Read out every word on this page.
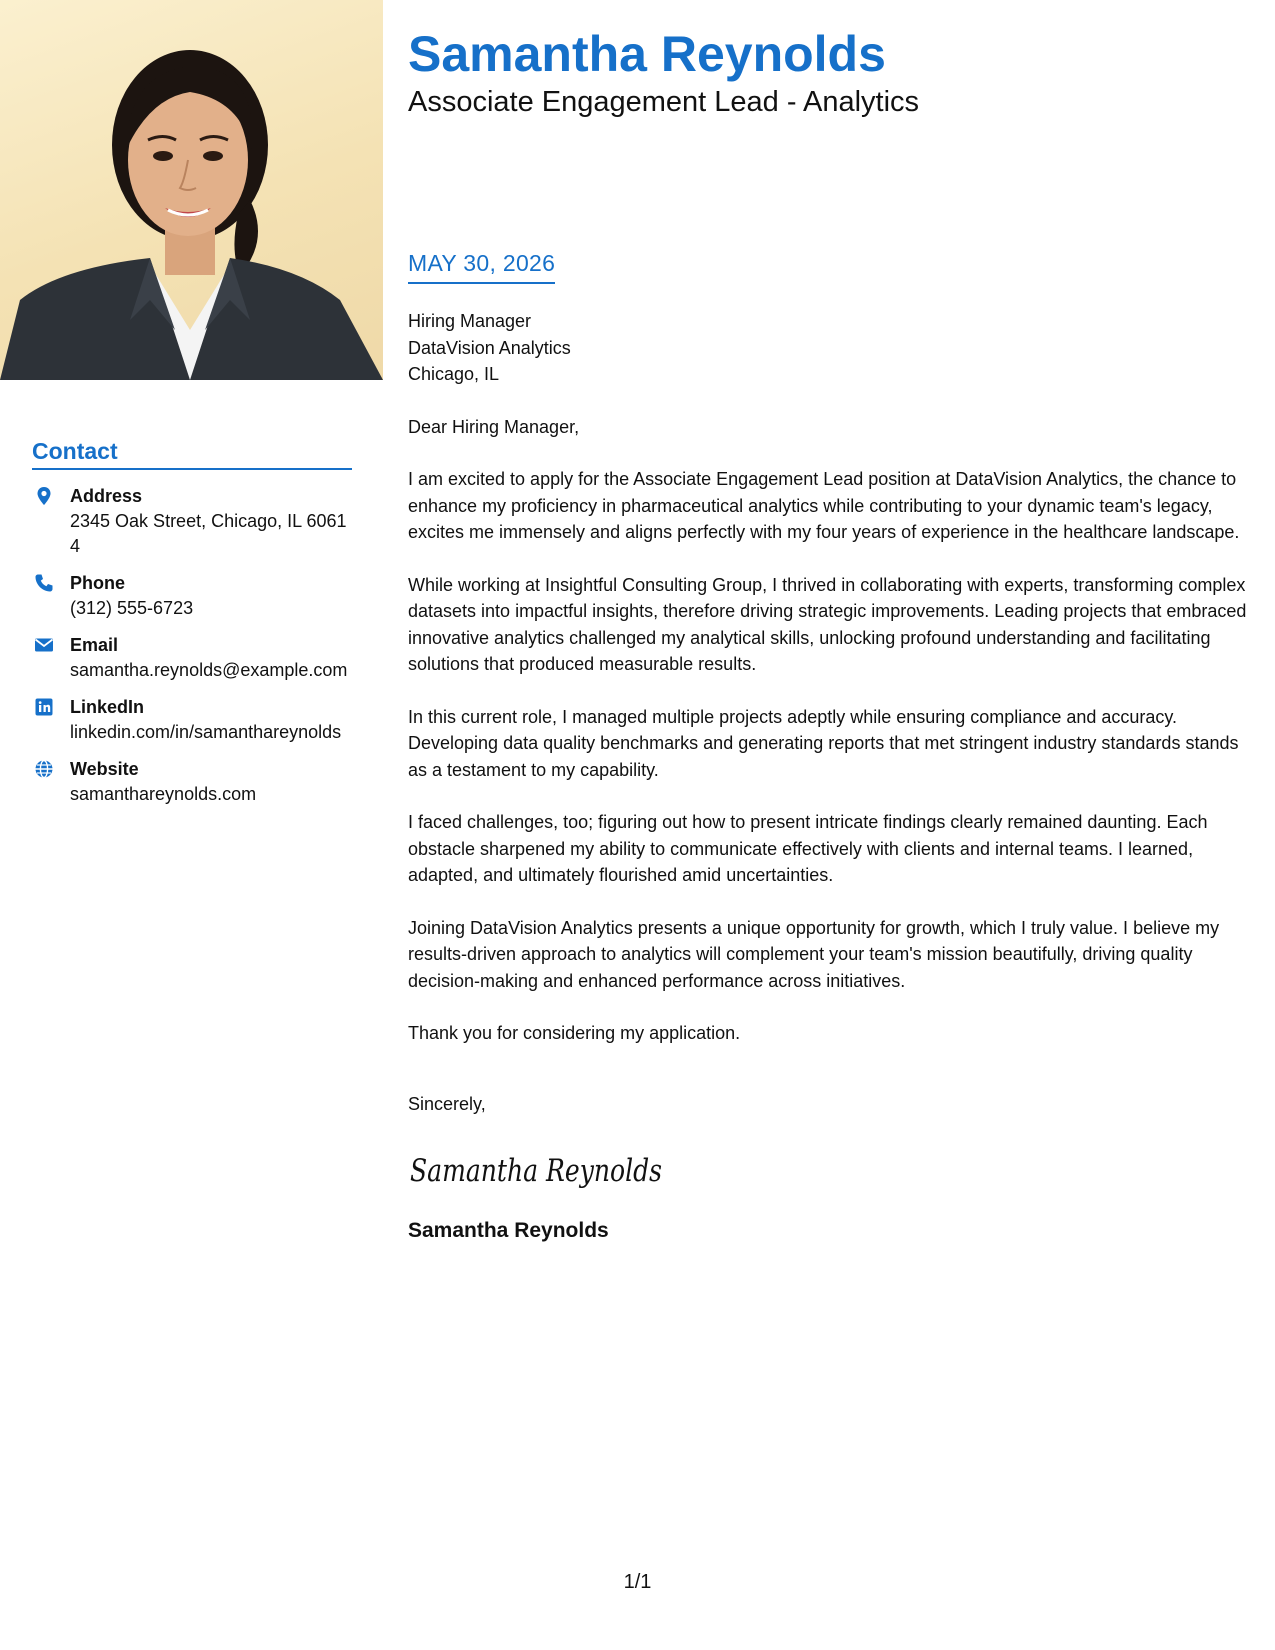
Contact
Address
2345 Oak Street, Chicago, IL 60614
Phone
(312) 555-6723
Email
samantha.reynolds@example.com
LinkedIn
linkedin.com/in/samanthareynolds
Website
samanthareynolds.com
Samantha Reynolds
Associate Engagement Lead - Analytics
MAY 30, 2026

Hiring Manager
DataVision Analytics
Chicago, IL

Dear Hiring Manager,

I am excited to apply for the Associate Engagement Lead position at DataVision Analytics, the chance to enhance my proficiency in pharmaceutical analytics while contributing to your dynamic team's legacy, excites me immensely and aligns perfectly with my four years of experience in the healthcare landscape.

While working at Insightful Consulting Group, I thrived in collaborating with experts, transforming complex datasets into impactful insights, therefore driving strategic improvements. Leading projects that embraced innovative analytics challenged my analytical skills, unlocking profound understanding and facilitating solutions that produced measurable results.

In this current role, I managed multiple projects adeptly while ensuring compliance and accuracy. Developing data quality benchmarks and generating reports that met stringent industry standards stands as a testament to my capability.

I faced challenges, too; figuring out how to present intricate findings clearly remained daunting. Each obstacle sharpened my ability to communicate effectively with clients and internal teams. I learned, adapted, and ultimately flourished amid uncertainties.

Joining DataVision Analytics presents a unique opportunity for growth, which I truly value. I believe my results-driven approach to analytics will complement your team's mission beautifully, driving quality decision-making and enhanced performance across initiatives.

Thank you for considering my application.

Sincerely,

Samantha Reynolds

Samantha Reynolds

1/1
